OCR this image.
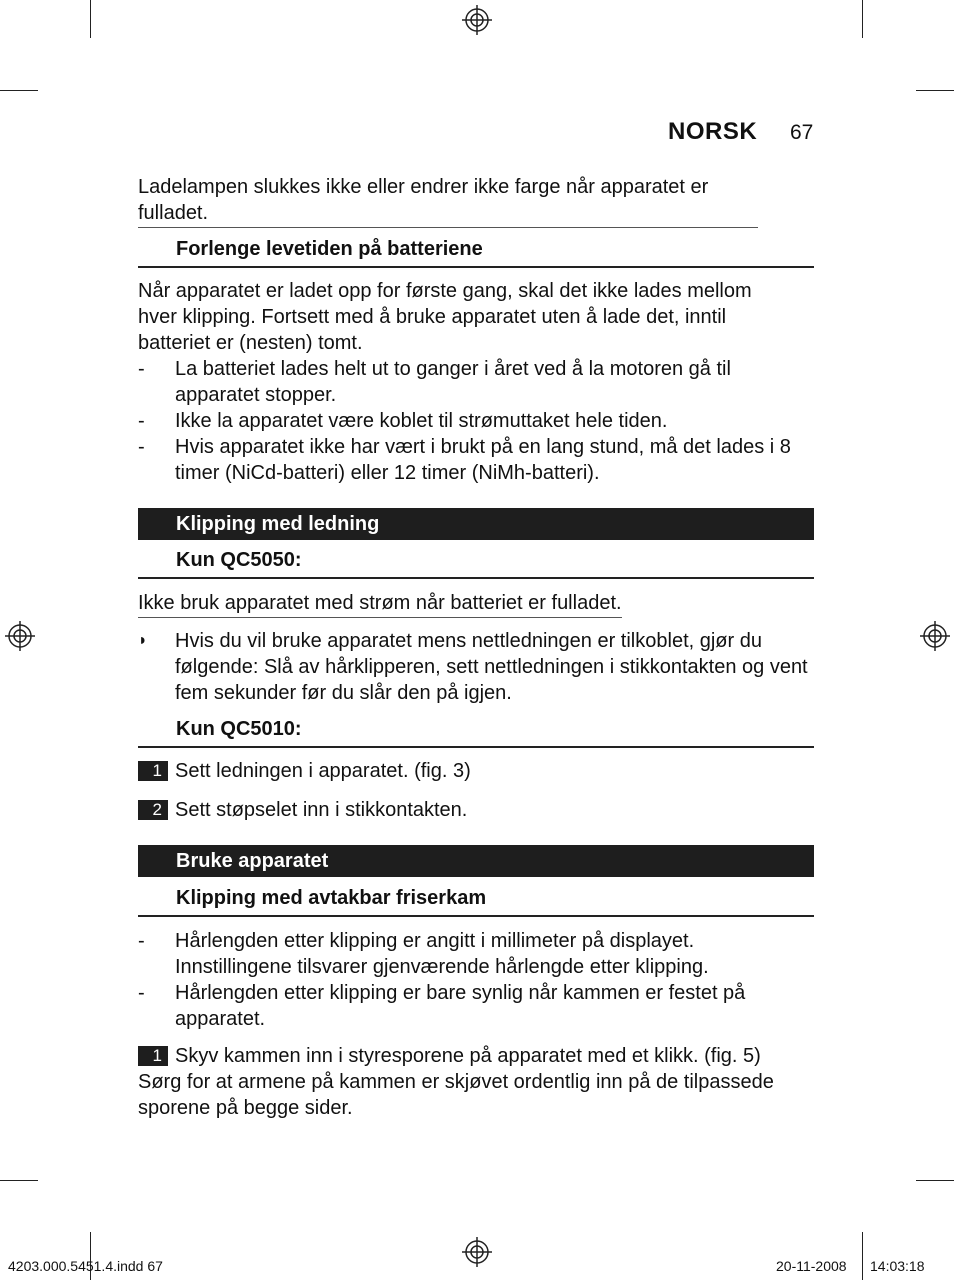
NORSK 67
Ladelampen slukkes ikke eller endrer ikke farge når apparatet er fulladet.
Forlenge levetiden på batteriene
Når apparatet er ladet opp for første gang, skal det ikke lades mellom hver klipping. Fortsett med å bruke apparatet uten å lade det, inntil batteriet er (nesten) tomt.
-	La batteriet lades helt ut to ganger i året ved å la motoren gå til apparatet stopper.
-	Ikke la apparatet være koblet til strømuttaket hele tiden.
-	Hvis apparatet ikke har vært i brukt på en lang stund, må det lades i 8 timer (NiCd-batteri) eller 12 timer (NiMh-batteri).
Klipping med ledning
Kun QC5050:
Ikke bruk apparatet med strøm når batteriet er fulladet.
◗	Hvis du vil bruke apparatet mens nettledningen er tilkoblet, gjør du følgende: Slå av hårklipperen, sett nettledningen i stikkontakten og vent fem sekunder før du slår den på igjen.
Kun QC5010:
1 Sett ledningen i apparatet. (fig. 3)
2 Sett støpselet inn i stikkontakten.
Bruke apparatet
Klipping med avtakbar friserkam
-	Hårlengden etter klipping er angitt i millimeter på displayet. Innstillingene tilsvarer gjenværende hårlengde etter klipping.
-	Hårlengden etter klipping er bare synlig når kammen er festet på apparatet.
1 Skyv kammen inn i styresporene på apparatet med et klikk. (fig. 5)
Sørg for at armene på kammen er skjøvet ordentlig inn på de tilpassede sporene på begge sider.
4203.000.5451.4.indd 67	20-11-2008 14:03:18
